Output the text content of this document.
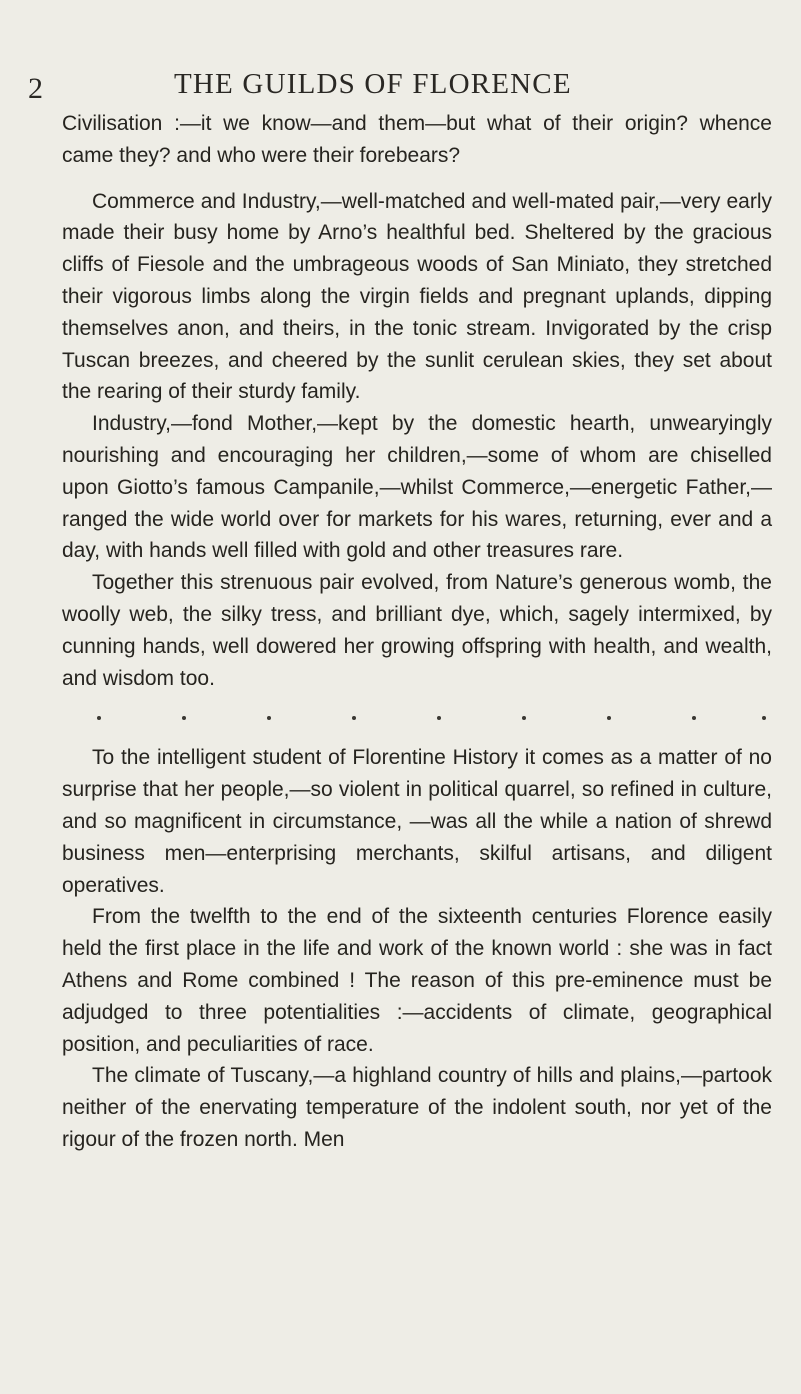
2	THE GUILDS OF FLORENCE

Civilisation :—it we know—and them—but what of their origin? whence came they? and who were their forebears?

Commerce and Industry,—well-matched and well-mated pair,—very early made their busy home by Arno’s healthful bed. Sheltered by the gracious cliffs of Fiesole and the umbrageous woods of San Miniato, they stretched their vigorous limbs along the virgin fields and pregnant uplands, dipping themselves anon, and theirs, in the tonic stream. Invigorated by the crisp Tuscan breezes, and cheered by the sunlit cerulean skies, they set about the rearing of their sturdy family.

Industry,—fond Mother,—kept by the domestic hearth, unwearyingly nourishing and encouraging her children,—some of whom are chiselled upon Giotto’s famous Campanile,—whilst Commerce,—energetic Father,—ranged the wide world over for markets for his wares, returning, ever and a day, with hands well filled with gold and other treasures rare.

Together this strenuous pair evolved, from Nature’s generous womb, the woolly web, the silky tress, and brilliant dye, which, sagely intermixed, by cunning hands, well dowered her growing offspring with health, and wealth, and wisdom too.

To the intelligent student of Florentine History it comes as a matter of no surprise that her people,—so violent in political quarrel, so refined in culture, and so magnificent in circumstance, —was all the while a nation of shrewd business men—enterprising merchants, skilful artisans, and diligent operatives.

From the twelfth to the end of the sixteenth centuries Florence easily held the first place in the life and work of the known world : she was in fact Athens and Rome combined ! The reason of this pre-eminence must be adjudged to three potentialities :—accidents of climate, geographical position, and peculiarities of race.

The climate of Tuscany,—a highland country of hills and plains,—partook neither of the enervating temperature of the indolent south, nor yet of the rigour of the frozen north. Men
